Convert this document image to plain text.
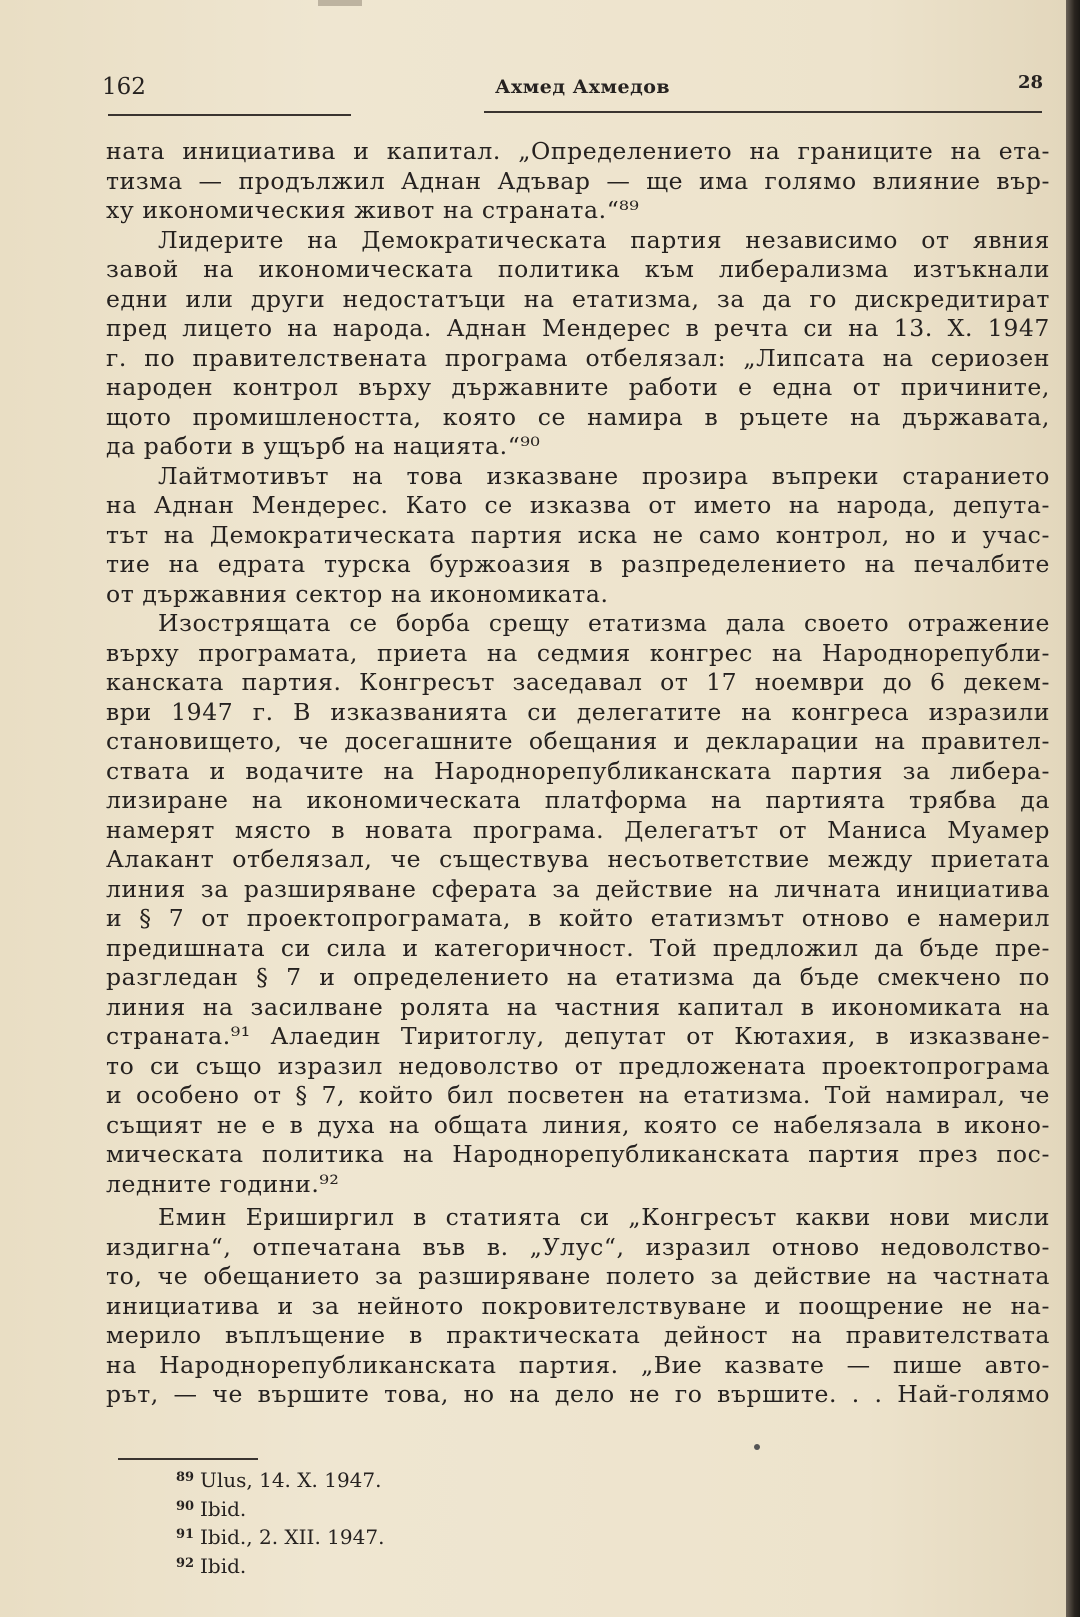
162	Ахмед Ахмедов	28
ната инициатива и капитал. „Определението на границите на ета-
тизма — продължил Аднан Адъвар — ще има голямо влияние вър-
ху икономическия живот на страната.“⁸⁹
Лидерите на Демократическата партия независимо от явния
завой на икономическата политика към либерализма изтъкнали
едни или други недостатъци на етатизма, за да го дискредитират
пред лицето на народа. Аднан Мендерес в речта си на 13. X. 1947
г. по правителствената програма отбелязал: „Липсата на сериозен
народен контрол върху държавните работи е една от причините,
щото промишлеността, която се намира в ръцете на държавата,
да работи в ущърб на нацията.“⁹⁰
Лайтмотивът на това изказване прозира въпреки старанието
на Аднан Мендерес. Като се изказва от името на народа, депута-
тът на Демократическата партия иска не само контрол, но и учас-
тие на едрата турска буржоазия в разпределението на печалбите
от държавния сектор на икономиката.
Изострящата се борба срещу етатизма дала своето отражение
върху програмата, приета на седмия конгрес на Народнорепубли-
канската партия. Конгресът заседавал от 17 ноември до 6 декем-
ври 1947 г. В изказванията си делегатите на конгреса изразили
становището, че досегашните обещания и декларации на правител-
ствата и водачите на Народнорепубликанската партия за либера-
лизиране на икономическата платформа на партията трябва да
намерят място в новата програма. Делегатът от Маниса Муамер
Алакант отбелязал, че съществува несъответствие между приетата
линия за разширяване сферата за действие на личната инициатива
и § 7 от проектопрограмата, в който етатизмът отново е намерил
предишната си сила и категоричност. Той предложил да бъде пре-
разгледан § 7 и определението на етатизма да бъде смекчено по
линия на засилване ролята на частния капитал в икономиката на
страната.⁹¹ Алаедин Тиритоглу, депутат от Кютахия, в изказване-
то си също изразил недоволство от предложената проектопрограма
и особено от § 7, който бил посветен на етатизма. Той намирал, че
същият не е в духа на общата линия, която се набелязала в иконо-
мическата политика на Народнорепубликанската партия през пос-
ледните години.⁹²
Емин Ериширгил в статията си „Конгресът какви нови мисли
издигна“, отпечатана във в. „Улус“, изразил отново недоволство-
то, че обещанието за разширяване полето за действие на частната
инициатива и за нейното покровителствуване и поощрение не на-
мерило въплъщение в практическата дейност на правителствата
на Народнорепубликанската партия. „Вие казвате — пише авто-
рът, — че вършите това, но на дело не го вършите. . . Най-голямо
89 Ulus, 14. X. 1947.
90 Ibid.
91 Ibid., 2. XII. 1947.
92 Ibid.
